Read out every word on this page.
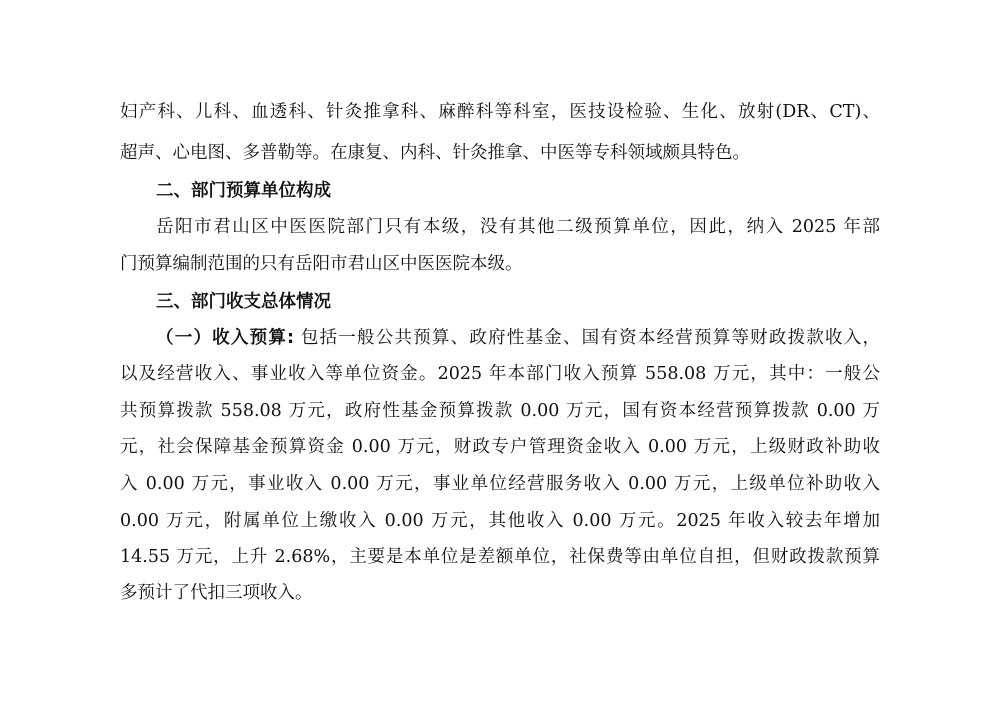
妇产科、儿科、血透科、针灸推拿科、麻醉科等科室，医技设检验、生化、放射(DR、CT)、
超声、心电图、多普勒等。在康复、内科、针灸推拿、中医等专科领域颇具特色。
二、部门预算单位构成
岳阳市君山区中医医院部门只有本级，没有其他二级预算单位，因此，纳入 2025 年部
门预算编制范围的只有岳阳市君山区中医医院本级。
三、部门收支总体情况
（一）收入预算: 包括一般公共预算、政府性基金、国有资本经营预算等财政拨款收入，
以及经营收入、事业收入等单位资金。2025 年本部门收入预算 558.08 万元，其中：一般公
共预算拨款 558.08 万元，政府性基金预算拨款 0.00 万元，国有资本经营预算拨款 0.00 万
元，社会保障基金预算资金 0.00 万元，财政专户管理资金收入 0.00 万元，上级财政补助收
入 0.00 万元，事业收入 0.00 万元，事业单位经营服务收入 0.00 万元，上级单位补助收入
0.00 万元，附属单位上缴收入 0.00 万元，其他收入 0.00 万元。2025 年收入较去年增加
14.55 万元，上升 2.68%，主要是本单位是差额单位，社保费等由单位自担，但财政拨款预算
多预计了代扣三项收入。
